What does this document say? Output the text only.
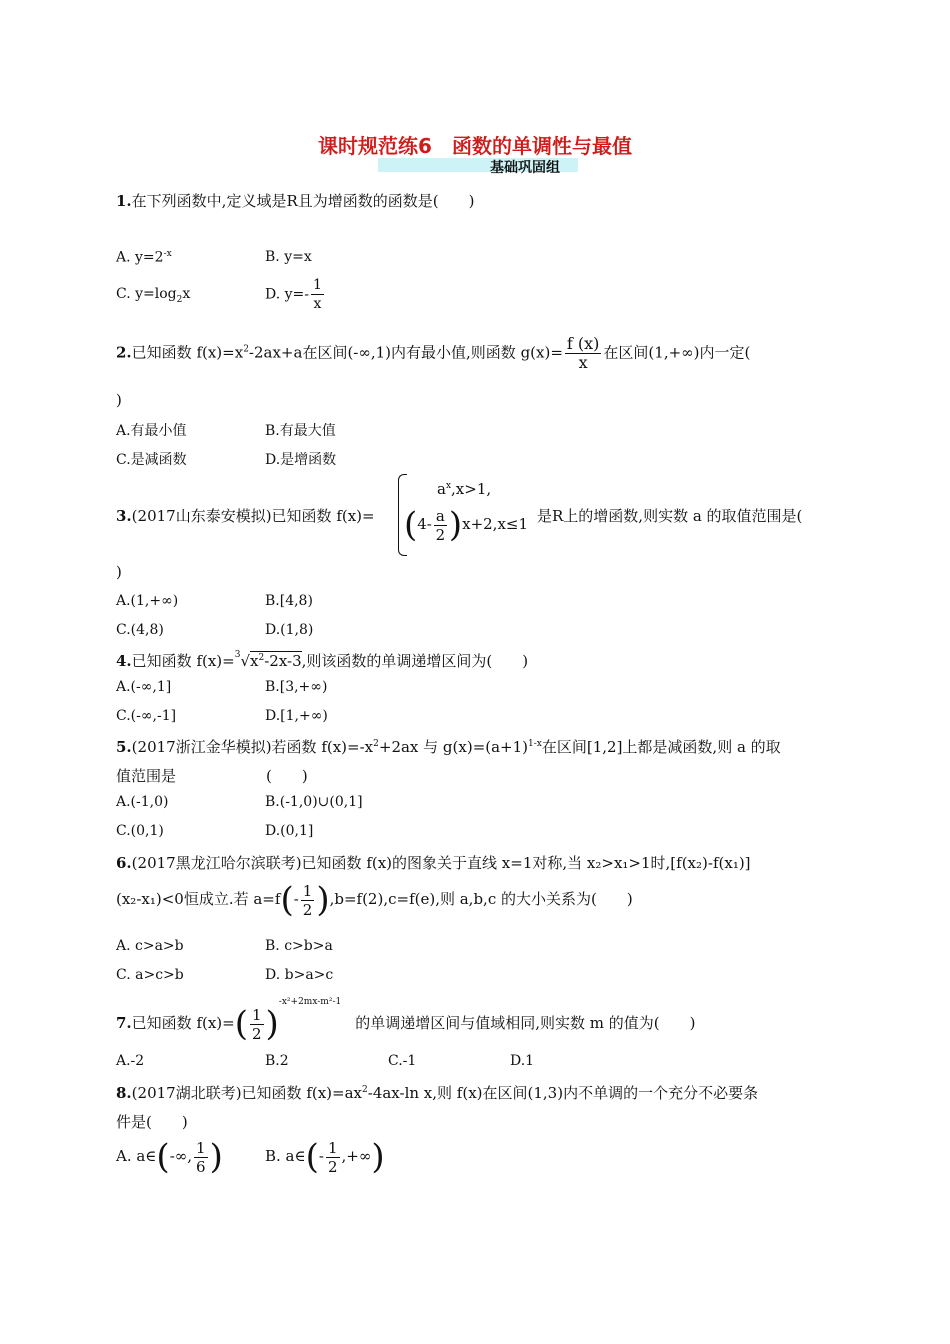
课时规范练6　函数的单调性与最值
基础巩固组
1.在下列函数中,定义域是R且为增函数的函数是(　　)
A. $y=2^{-x}$	B. y=x
C. $y=\log_2x$	D. $y=- \frac{1}{x}$
2.已知函数 $f(x)=x^2-2ax+a$在区间(-∞,1)内有最小值,则函数 $g(x)= \frac{f (x)}{x}$ 在区间(1,+∞)内一定(
)
A.有最小值	B.有最大值
C.是减函数	D.是增函数
3.(2017山东泰安模拟)已知函数 f(x)=
$a^x,x>1$,
$(4- \frac{a}{2} )x+2,x\le 1$ 是R上的增函数,则实数 a 的取值范围是(
)
A.(1,+∞)	B.[4,8)
C.(4,8)	D.(1,8)
4.已知函数 $f(x)=^3√x^2-2x-3$,则该函数的单调递增区间为(　　)
A.(-∞,1]	B.[3,+∞)
C.(-∞,-1]	D.[1,+∞)
5.(2017浙江金华模拟)若函数 $f(x)=-x^2+2ax$ 与 $g(x)=(a+1)^{1-x}$在区间[1,2]上都是减函数,则 a 的取
值范围是　　　　　　(　　)
A.(-1,0)	B.(-1,0)∪(0,1]
C.(0,1)	D.(0,1]
6.(2017黑龙江哈尔滨联考)已知函数 f(x)的图象关于直线 x=1对称,当 x₂>x₁>1时,[f(x₂)-f(x₁)]
(x₂-x₁)<0恒成立.若 $a=f(- \frac{1}{2} ),b=f(2),c=f(e)$,则 a,b,c 的大小关系为(　　)
A. c>a>b	B. c>b>a
C. a>c>b	D. b>a>c
7.已知函数 $f(x)=( \frac{1}{2} )^{-x^2+2mx-m^2-1}$的单调递增区间与值域相同,则实数 m 的值为(　　)
A.-2	B.2	C.-1	D.1
8.(2017湖北联考)已知函数 $f(x)=ax^2-4ax-\ln$ x,则 f(x)在区间(1,3)内不单调的一个充分不必要条
件是(　　)
A. a∈(-∞, $\frac{1}{6}$ )	B. a∈(- $\frac{1}{2}$ ,+∞)
